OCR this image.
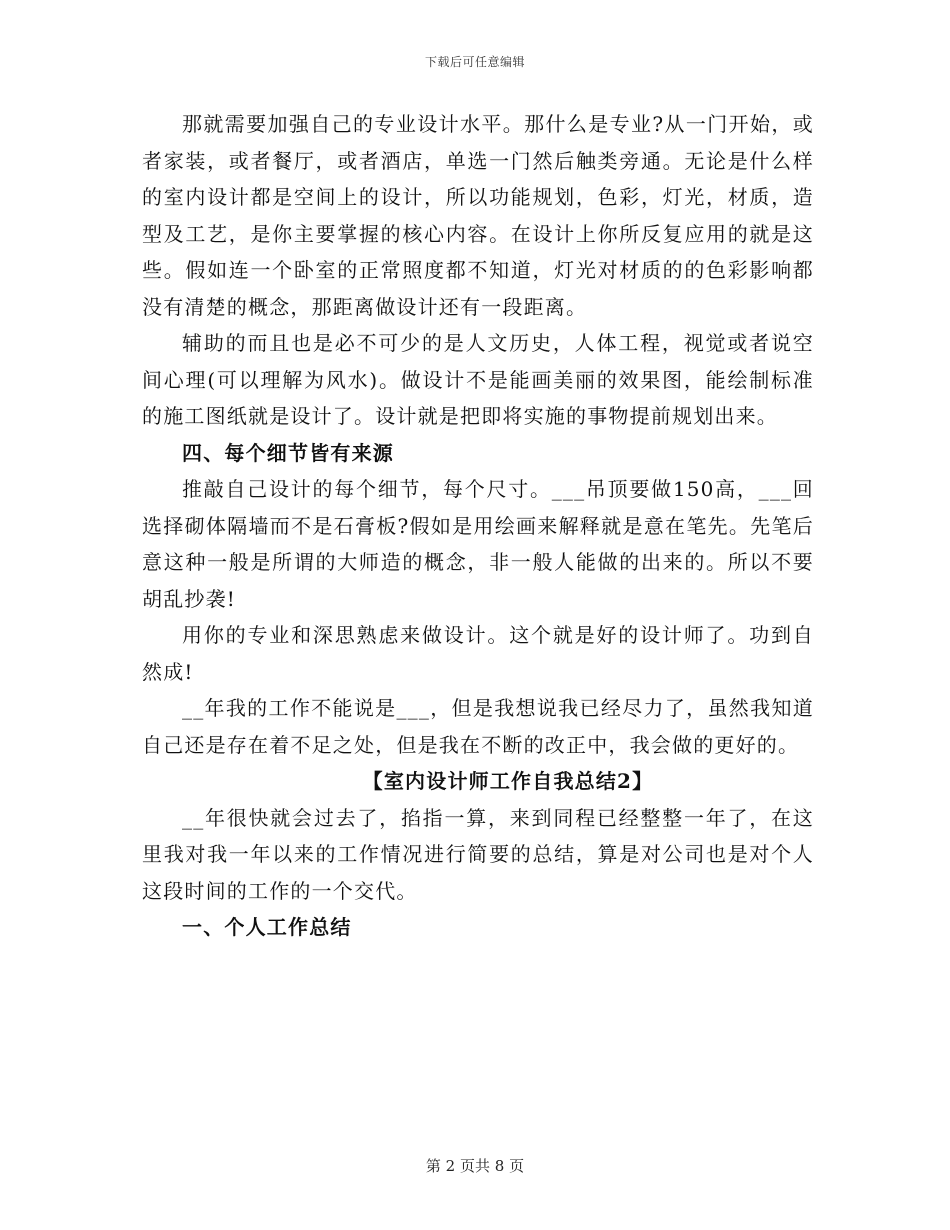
下载后可任意编辑

那就需要加强自己的专业设计水平。那什么是专业?从一门开始，或者家装，或者餐厅，或者酒店，单选一门然后触类旁通。无论是什么样的室内设计都是空间上的设计，所以功能规划，色彩，灯光，材质，造型及工艺，是你主要掌握的核心内容。在设计上你所反复应用的就是这些。假如连一个卧室的正常照度都不知道，灯光对材质的的色彩影响都没有清楚的概念，那距离做设计还有一段距离。

辅助的而且也是必不可少的是人文历史，人体工程，视觉或者说空间心理(可以理解为风水)。做设计不是能画美丽的效果图，能绘制标准的施工图纸就是设计了。设计就是把即将实施的事物提前规划出来。

四、每个细节皆有来源

推敲自己设计的每个细节，每个尺寸。___吊顶要做150高，___回选择砌体隔墙而不是石膏板?假如是用绘画来解释就是意在笔先。先笔后意这种一般是所谓的大师造的概念，非一般人能做的出来的。所以不要胡乱抄袭!

用你的专业和深思熟虑来做设计。这个就是好的设计师了。功到自然成!

__年我的工作不能说是___，但是我想说我已经尽力了，虽然我知道自己还是存在着不足之处，但是我在不断的改正中，我会做的更好的。

【室内设计师工作自我总结2】

__年很快就会过去了，掐指一算，来到同程已经整整一年了，在这里我对我一年以来的工作情况进行简要的总结，算是对公司也是对个人这段时间的工作的一个交代。

一、个人工作总结

第 2 页共 8 页
